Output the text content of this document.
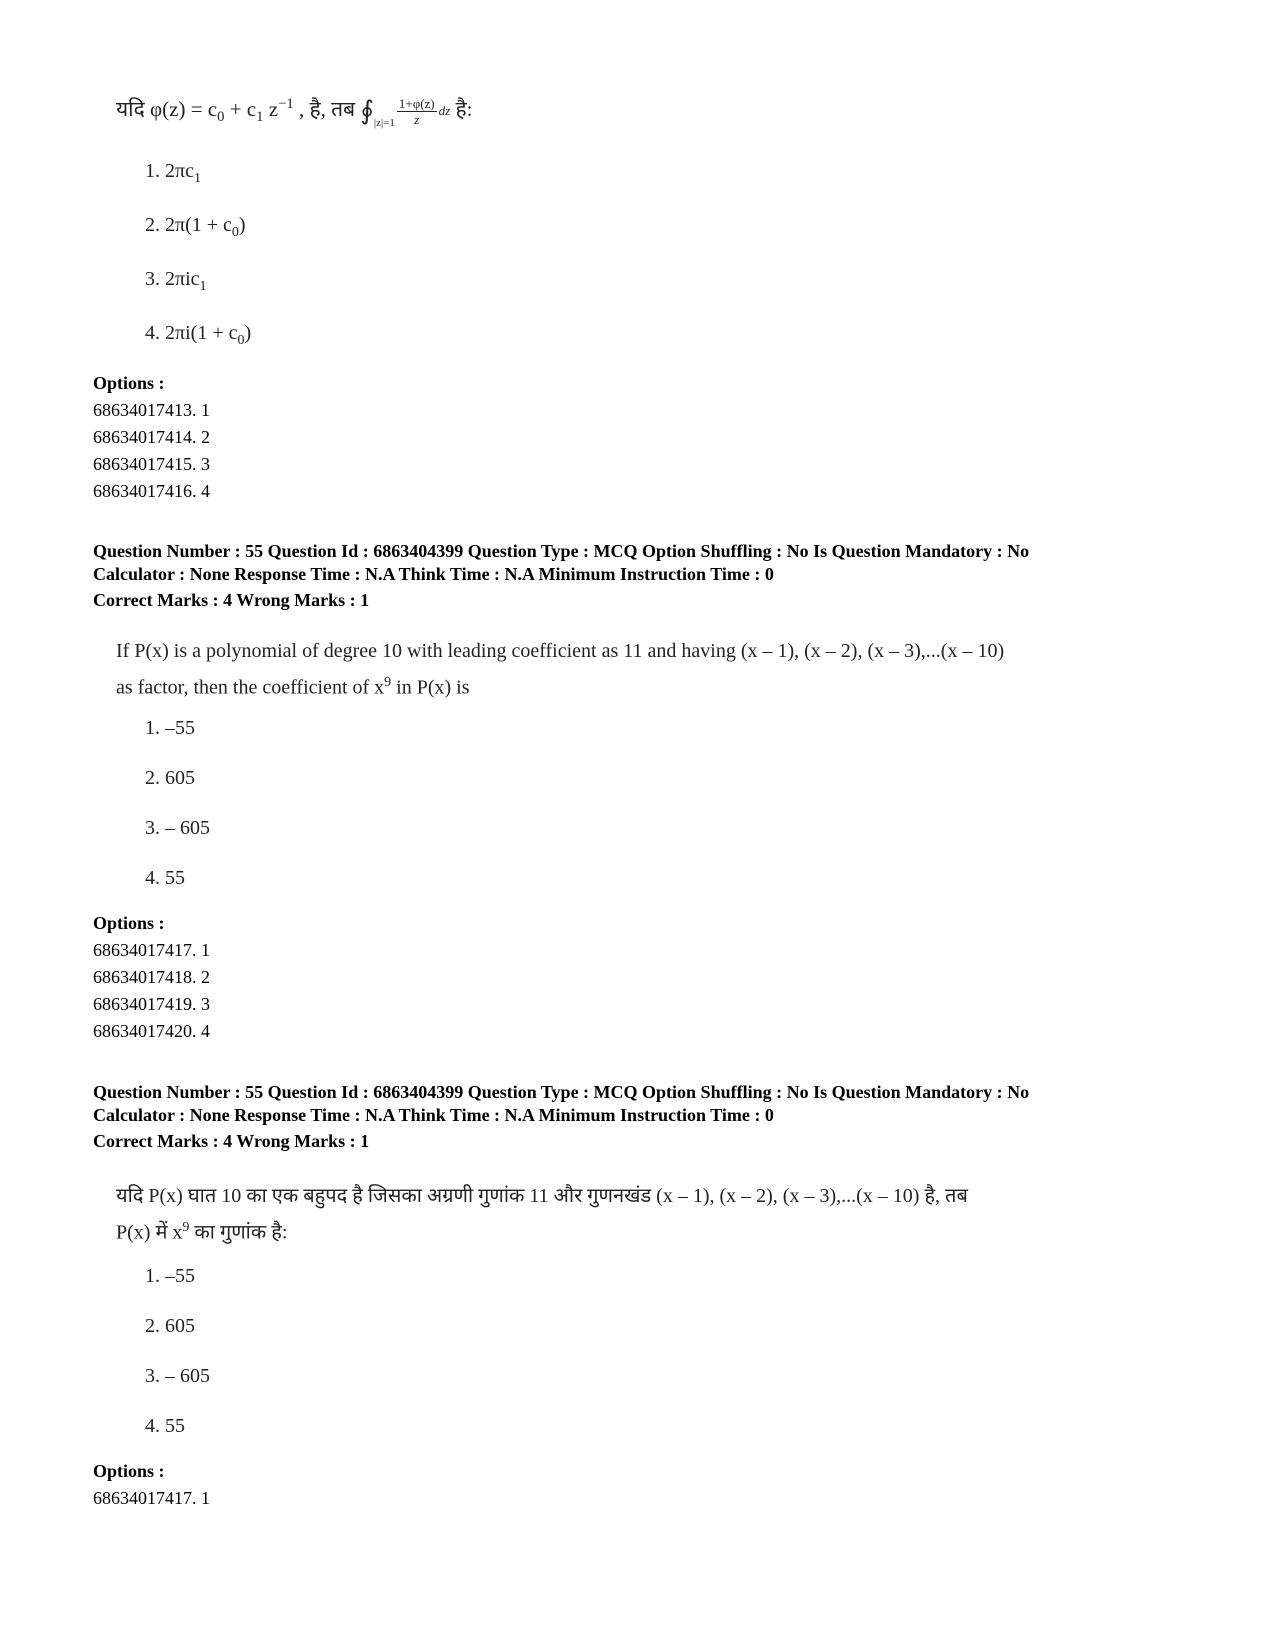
यदि $\varphi(z) = c_0 + c_1$ $z^{-1}$ , है, तब $∮_{|z|=1} \frac{1+\varphi(z)}{z}$ dz है:
1. $2\pi c_1$
2. $2\pi(1 + c_0)$
3. 2πic$_1$
4. $2\pi i(1 + c_0)$
Options :
68634017413. 1
68634017414. 2
68634017415. 3
68634017416. 4
Question Number : 55 Question Id : 6863404399 Question Type : MCQ Option Shuffling : No Is Question Mandatory : No
Calculator : None Response Time : N.A Think Time : N.A Minimum Instruction Time : 0
Correct Marks : 4 Wrong Marks : 1
If P(x) is a polynomial of degree 10 with leading coefficient as 11 and having (x – 1), (x – 2), (x – 3),...(x – 10)
as factor, then the coefficient of $x^9$ in P(x) is
1. –55
2. 605
3. – 605
4. 55
Options :
68634017417. 1
68634017418. 2
68634017419. 3
68634017420. 4
Question Number : 55 Question Id : 6863404399 Question Type : MCQ Option Shuffling : No Is Question Mandatory : No
Calculator : None Response Time : N.A Think Time : N.A Minimum Instruction Time : 0
Correct Marks : 4 Wrong Marks : 1
यदि P(x) घात 10 का एक बहुपद है जिसका अग्रणी गुणांक 11 और गुणनखंड (x – 1), (x – 2), (x – 3),...(x – 10) है, तब
P(x) में $x^9$ का गुणांक है:
1. –55
2. 605
3. – 605
4. 55
Options :
68634017417. 1
